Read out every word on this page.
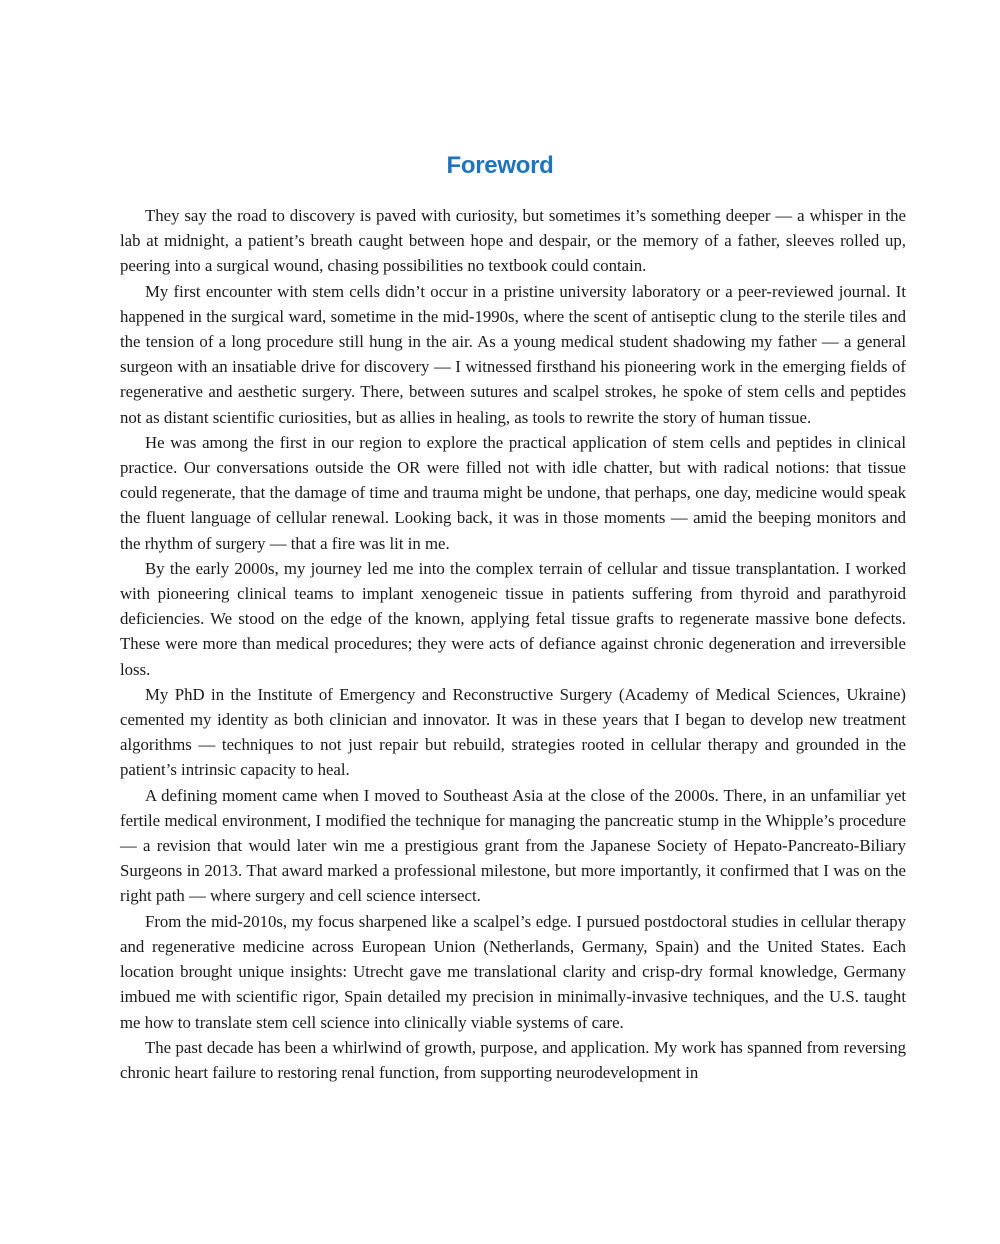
Foreword

They say the road to discovery is paved with curiosity, but sometimes it’s something deeper — a whisper in the lab at midnight, a patient’s breath caught between hope and despair, or the memory of a father, sleeves rolled up, peering into a surgical wound, chasing possibilities no textbook could contain.

My first encounter with stem cells didn’t occur in a pristine university laboratory or a peer-reviewed journal. It happened in the surgical ward, sometime in the mid-1990s, where the scent of antiseptic clung to the sterile tiles and the tension of a long procedure still hung in the air. As a young medical student shadowing my father — a general surgeon with an insatiable drive for discovery — I witnessed firsthand his pioneering work in the emerging fields of regenerative and aesthetic surgery. There, between sutures and scalpel strokes, he spoke of stem cells and peptides not as distant scientific curiosities, but as allies in healing, as tools to rewrite the story of human tissue.

He was among the first in our region to explore the practical application of stem cells and peptides in clinical practice. Our conversations outside the OR were filled not with idle chatter, but with radical notions: that tissue could regenerate, that the damage of time and trauma might be undone, that perhaps, one day, medicine would speak the fluent language of cellular renewal. Looking back, it was in those moments — amid the beeping monitors and the rhythm of surgery — that a fire was lit in me.

By the early 2000s, my journey led me into the complex terrain of cellular and tissue transplantation. I worked with pioneering clinical teams to implant xenogeneic tissue in patients suffering from thyroid and parathyroid deficiencies. We stood on the edge of the known, applying fetal tissue grafts to regenerate massive bone defects. These were more than medical procedures; they were acts of defiance against chronic degeneration and irreversible loss.

My PhD in the Institute of Emergency and Reconstructive Surgery (Academy of Medical Sciences, Ukraine) cemented my identity as both clinician and innovator. It was in these years that I began to develop new treatment algorithms — techniques to not just repair but rebuild, strategies rooted in cellular therapy and grounded in the patient’s intrinsic capacity to heal.

A defining moment came when I moved to Southeast Asia at the close of the 2000s. There, in an unfamiliar yet fertile medical environment, I modified the technique for managing the pancreatic stump in the Whipple’s procedure — a revision that would later win me a prestigious grant from the Japanese Society of Hepato-Pancreato-Biliary Surgeons in 2013. That award marked a professional milestone, but more importantly, it confirmed that I was on the right path — where surgery and cell science intersect.

From the mid-2010s, my focus sharpened like a scalpel’s edge. I pursued postdoctoral studies in cellular therapy and regenerative medicine across European Union (Netherlands, Germany, Spain) and the United States. Each location brought unique insights: Utrecht gave me translational clarity and crisp-dry formal knowledge, Germany imbued me with scientific rigor, Spain detailed my precision in minimally-invasive techniques, and the U.S. taught me how to translate stem cell science into clinically viable systems of care.

The past decade has been a whirlwind of growth, purpose, and application. My work has spanned from reversing chronic heart failure to restoring renal function, from supporting neurodevelopment in
